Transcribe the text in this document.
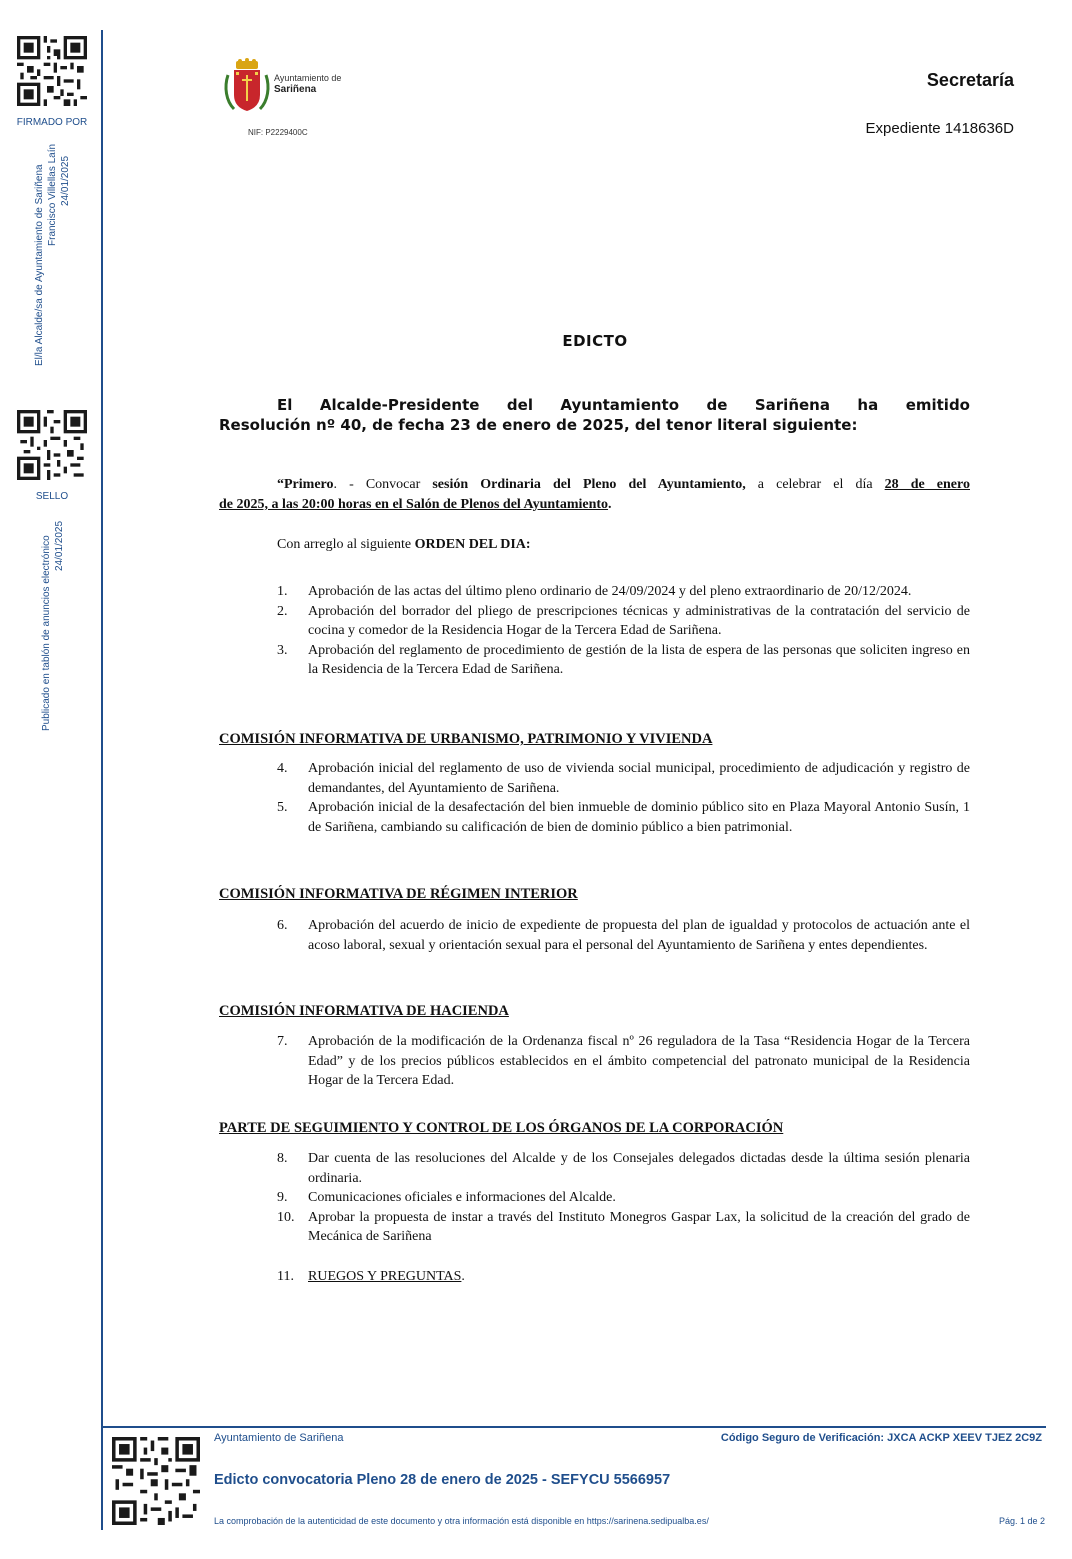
FIRMADO POR
El/la Alcalde/sa de Ayuntamiento de Sariñena Francisco Villellas Laín 24/01/2025
SELLO
Publicado en tablón de anuncios electrónico 24/01/2025
Ayuntamiento de
Sariñena
NIF: P2229400C
Secretaría
Expediente 1418636D
EDICTO
El Alcalde-Presidente del Ayuntamiento de Sariñena ha emitido
Resolución nº 40, de fecha 23 de enero de 2025, del tenor literal siguiente:
“Primero. - Convocar sesión Ordinaria del Pleno del Ayuntamiento, a celebrar el día 28 de enero
de 2025, a las 20:00 horas en el Salón de Plenos del Ayuntamiento.
Con arreglo al siguiente ORDEN DEL DIA:
1. Aprobación de las actas del último pleno ordinario de 24/09/2024 y del pleno extraordinario de 20/12/2024.
2. Aprobación del borrador del pliego de prescripciones técnicas y administrativas de la contratación del servicio de cocina y comedor de la Residencia Hogar de la Tercera Edad de Sariñena.
3. Aprobación del reglamento de procedimiento de gestión de la lista de espera de las personas que soliciten ingreso en la Residencia de la Tercera Edad de Sariñena.
COMISIÓN INFORMATIVA DE URBANISMO, PATRIMONIO Y VIVIENDA
4. Aprobación inicial del reglamento de uso de vivienda social municipal, procedimiento de adjudicación y registro de demandantes, del Ayuntamiento de Sariñena.
5. Aprobación inicial de la desafectación del bien inmueble de dominio público sito en Plaza Mayoral Antonio Susín, 1 de Sariñena, cambiando su calificación de bien de dominio público a bien patrimonial.
COMISIÓN INFORMATIVA DE RÉGIMEN INTERIOR
6. Aprobación del acuerdo de inicio de expediente de propuesta del plan de igualdad y protocolos de actuación ante el acoso laboral, sexual y orientación sexual para el personal del Ayuntamiento de Sariñena y entes dependientes.
COMISIÓN INFORMATIVA DE HACIENDA
7. Aprobación de la modificación de la Ordenanza fiscal nº 26 reguladora de la Tasa “Residencia Hogar de la Tercera Edad” y de los precios públicos establecidos en el ámbito competencial del patronato municipal de la Residencia Hogar de la Tercera Edad.
PARTE DE SEGUIMIENTO Y CONTROL DE LOS ÓRGANOS DE LA CORPORACIÓN
8. Dar cuenta de las resoluciones del Alcalde y de los Consejales delegados dictadas desde la última sesión plenaria ordinaria.
9. Comunicaciones oficiales e informaciones del Alcalde.
10. Aprobar la propuesta de instar a través del Instituto Monegros Gaspar Lax, la solicitud de la creación del grado de Mecánica de Sariñena
11. RUEGOS Y PREGUNTAS.
Ayuntamiento de Sariñena	Código Seguro de Verificación: JXCA ACKP XEEV TJEZ 2C9Z
Edicto convocatoria Pleno 28 de enero de 2025 - SEFYCU 5566957
La comprobación de la autenticidad de este documento y otra información está disponible en https://sarinena.sedipualba.es/	Pág. 1 de 2
